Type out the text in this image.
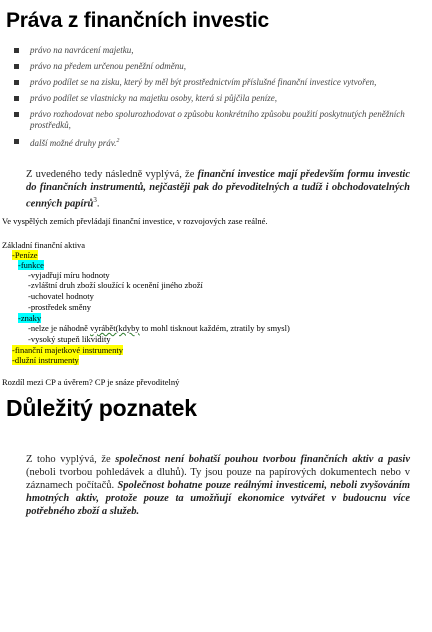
Práva z finančních investic
právo na navrácení majetku,
právo na předem určenou peněžní odměnu,
právo podílet se na zisku, který by měl být prostřednictvím příslušné finanční investice vytvořen,
právo podílet se vlastnicky na majetku osoby, která si půjčila peníze,
právo rozhodovat nebo spolurozhodovat o způsobu konkrétního způsobu použití poskytnutých peněžních prostředků,
další možné druhy práv.$^2$

Z uvedeného tedy následně vyplývá, že finanční investice mají především formu investic do finančních instrumentů, nejčastěji pak do převoditelných a tudíž i obchodovatelných cenných papírů$^3$.

Ve vyspělých zemích převládají finanční investice, v rozvojových zase reálné.

Základní finanční aktiva

-Peníze

-funkce

-vyjadřují míru hodnoty

-zvláštní druh zboží sloužící k ocenění jiného zboží

-uchovatel hodnoty

-prostředek směny

-znaky

-nelze je náhodně vyrábět(kdyby to mohl tisknout každém, ztratily by smysl)

-vysoký stupeň likvidity

-finanční majetkové instrumenty

-dlužní instrumenty

Rozdíl mezi CP a úvěrem? CP je snáze převoditelný

Důležitý poznatek

Z toho vyplývá, že společnost není bohatší pouhou tvorbou finančních aktiv a pasiv (neboli tvorbou pohledávek a dluhů). Ty jsou pouze na papírových dokumentech nebo v záznamech počítačů. Společnost bohatne pouze reálnými investicemi, neboli zvyšováním hmotných aktiv, protože pouze ta umožňují ekonomice vytvářet v budoucnu více potřebného zboží a služeb.
